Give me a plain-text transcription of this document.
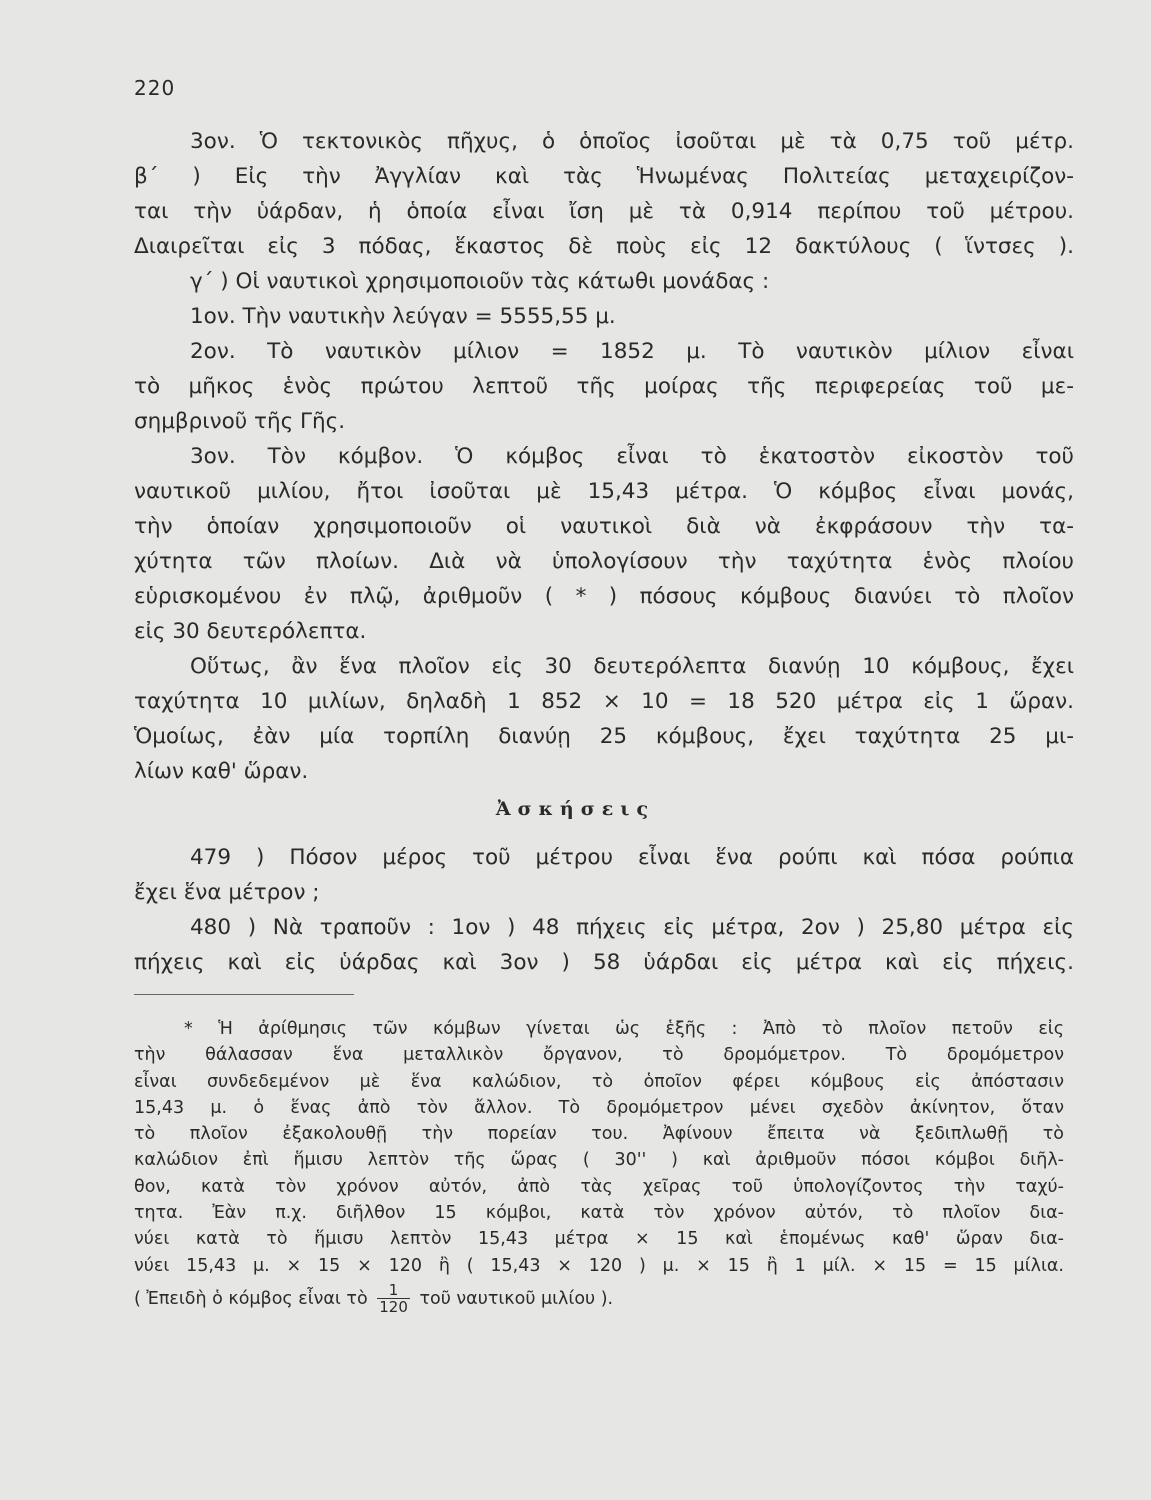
220
3ον. Ὁ τεκτονικὸς πῆχυς, ὁ ὁποῖος ἰσοῦται μὲ τὰ 0,75 τοῦ μέτρ.
β΄ ) Εἰς τὴν Ἀγγλίαν καὶ τὰς Ἡνωμένας Πολιτείας μεταχειρίζον-
ται τὴν ὑάρδαν, ἡ ὁποία εἶναι ἴση μὲ τὰ 0,914 περίπου τοῦ μέτρου.
Διαιρεῖται εἰς 3 πόδας, ἕκαστος δὲ ποὺς εἰς 12 δακτύλους ( ἵντσες ).
γ΄ ) Οἱ ναυτικοὶ χρησιμοποιοῦν τὰς κάτωθι μονάδας :
1ον. Τὴν ναυτικὴν λεύγαν = 5555,55 μ.
2ον. Τὸ ναυτικὸν μίλιον = 1852 μ. Τὸ ναυτικὸν μίλιον εἶναι
τὸ μῆκος ἑνὸς πρώτου λεπτοῦ τῆς μοίρας τῆς περιφερείας τοῦ με-
σημβρινοῦ τῆς Γῆς.
3ον. Τὸν κόμβον. Ὁ κόμβος εἶναι τὸ ἑκατοστὸν εἰκοστὸν τοῦ
ναυτικοῦ μιλίου, ἤτοι ἰσοῦται μὲ 15,43 μέτρα. Ὁ κόμβος εἶναι μονάς,
τὴν ὁποίαν χρησιμοποιοῦν οἱ ναυτικοὶ διὰ νὰ ἐκφράσουν τὴν τα-
χύτητα τῶν πλοίων. Διὰ νὰ ὑπολογίσουν τὴν ταχύτητα ἑνὸς πλοίου
εὑρισκομένου ἐν πλῷ, ἀριθμοῦν ( * ) πόσους κόμβους διανύει τὸ πλοῖον
εἰς 30 δευτερόλεπτα.
Οὕτως, ἂν ἕνα πλοῖον εἰς 30 δευτερόλεπτα διανύῃ 10 κόμβους, ἔχει
ταχύτητα 10 μιλίων, δηλαδὴ 1 852 × 10 = 18 520 μέτρα εἰς 1 ὥραν.
Ὁμοίως, ἐὰν μία τορπίλη διανύῃ 25 κόμβους, ἔχει ταχύτητα 25 μι-
λίων καθ' ὥραν.
Ἀσκήσεις
479 ) Πόσον μέρος τοῦ μέτρου εἶναι ἕνα ρούπι καὶ πόσα ρούπια
ἔχει ἕνα μέτρον ;
480 ) Νὰ τραποῦν : 1ον ) 48 πήχεις εἰς μέτρα, 2ον ) 25,80 μέτρα εἰς
πήχεις καὶ εἰς ὑάρδας καὶ 3ον ) 58 ὑάρδαι εἰς μέτρα καὶ εἰς πήχεις.
* Ἡ ἀρίθμησις τῶν κόμβων γίνεται ὡς ἑξῆς : Ἀπὸ τὸ πλοῖον πετοῦν εἰς
τὴν θάλασσαν ἕνα μεταλλικὸν ὄργανον, τὸ δρομόμετρον. Τὸ δρομόμετρον
εἶναι συνδεδεμένον μὲ ἕνα καλώδιον, τὸ ὁποῖον φέρει κόμβους εἰς ἀπόστασιν
15,43 μ. ὁ ἕνας ἀπὸ τὸν ἄλλον. Τὸ δρομόμετρον μένει σχεδὸν ἀκίνητον, ὅταν
τὸ πλοῖον ἐξακολουθῇ τὴν πορείαν του. Ἀφίνουν ἔπειτα νὰ ξεδιπλωθῇ τὸ
καλώδιον ἐπὶ ἥμισυ λεπτὸν τῆς ὥρας ( 30'' ) καὶ ἀριθμοῦν πόσοι κόμβοι διῆλ-
θον, κατὰ τὸν χρόνον αὐτόν, ἀπὸ τὰς χεῖρας τοῦ ὑπολογίζοντος τὴν ταχύ-
τητα. Ἐὰν π.χ. διῆλθον 15 κόμβοι, κατὰ τὸν χρόνον αὐτόν, τὸ πλοῖον δια-
νύει κατὰ τὸ ἥμισυ λεπτὸν 15,43 μέτρα × 15 καὶ ἑπομένως καθ' ὥραν δια-
νύει 15,43 μ. × 15 × 120 ἢ ( 15,43 × 120 ) μ. × 15 ἢ 1 μίλ. × 15 = 15 μίλια.
( Ἐπειδὴ ὁ κόμβος εἶναι τὸ $\frac{1}{120}$ τοῦ ναυτικοῦ μιλίου ).
